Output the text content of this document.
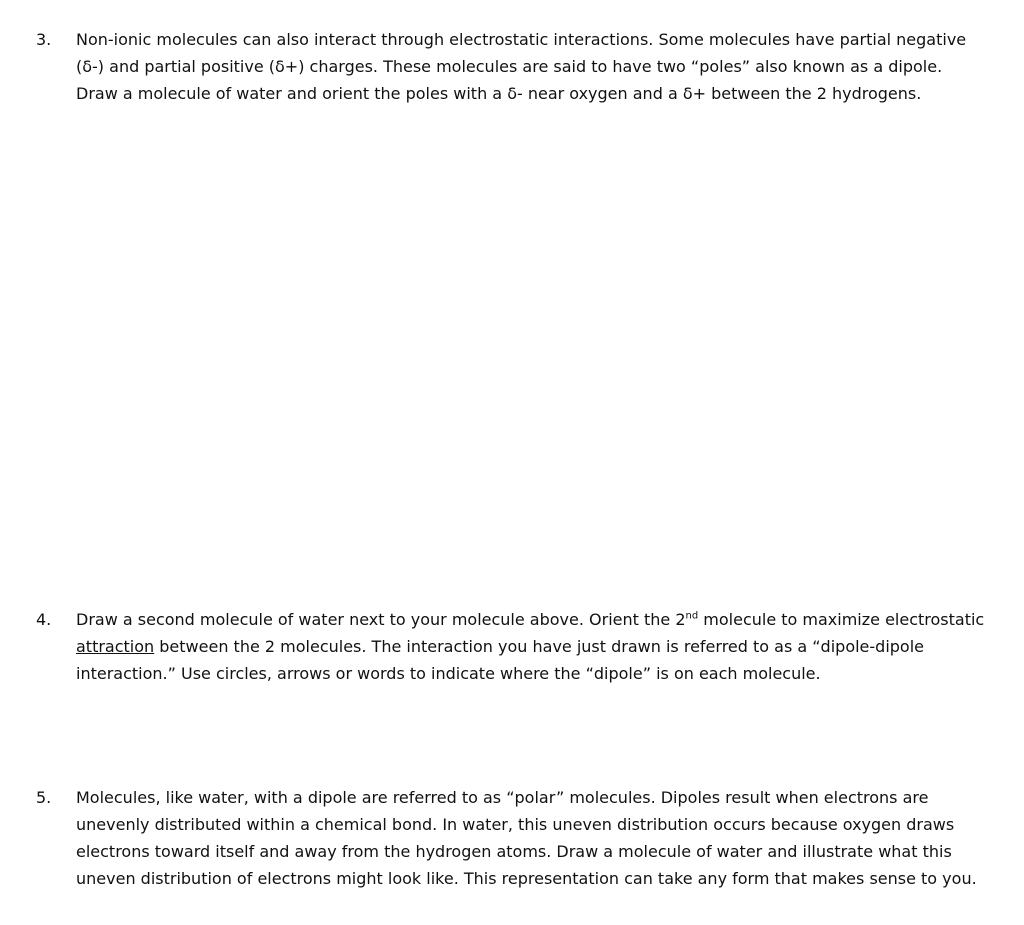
3.	Non-ionic molecules can also interact through electrostatic interactions. Some molecules have partial negative (δ-) and partial positive (δ+) charges. These molecules are said to have two “poles” also known as a dipole. Draw a molecule of water and orient the poles with a δ- near oxygen and a δ+ between the 2 hydrogens.

4.	Draw a second molecule of water next to your molecule above. Orient the 2nd molecule to maximize electrostatic attraction between the 2 molecules. The interaction you have just drawn is referred to as a “dipole-dipole interaction.” Use circles, arrows or words to indicate where the “dipole” is on each molecule.

5.	Molecules, like water, with a dipole are referred to as “polar” molecules. Dipoles result when electrons are unevenly distributed within a chemical bond. In water, this uneven distribution occurs because oxygen draws electrons toward itself and away from the hydrogen atoms. Draw a molecule of water and illustrate what this uneven distribution of electrons might look like. This representation can take any form that makes sense to you.
